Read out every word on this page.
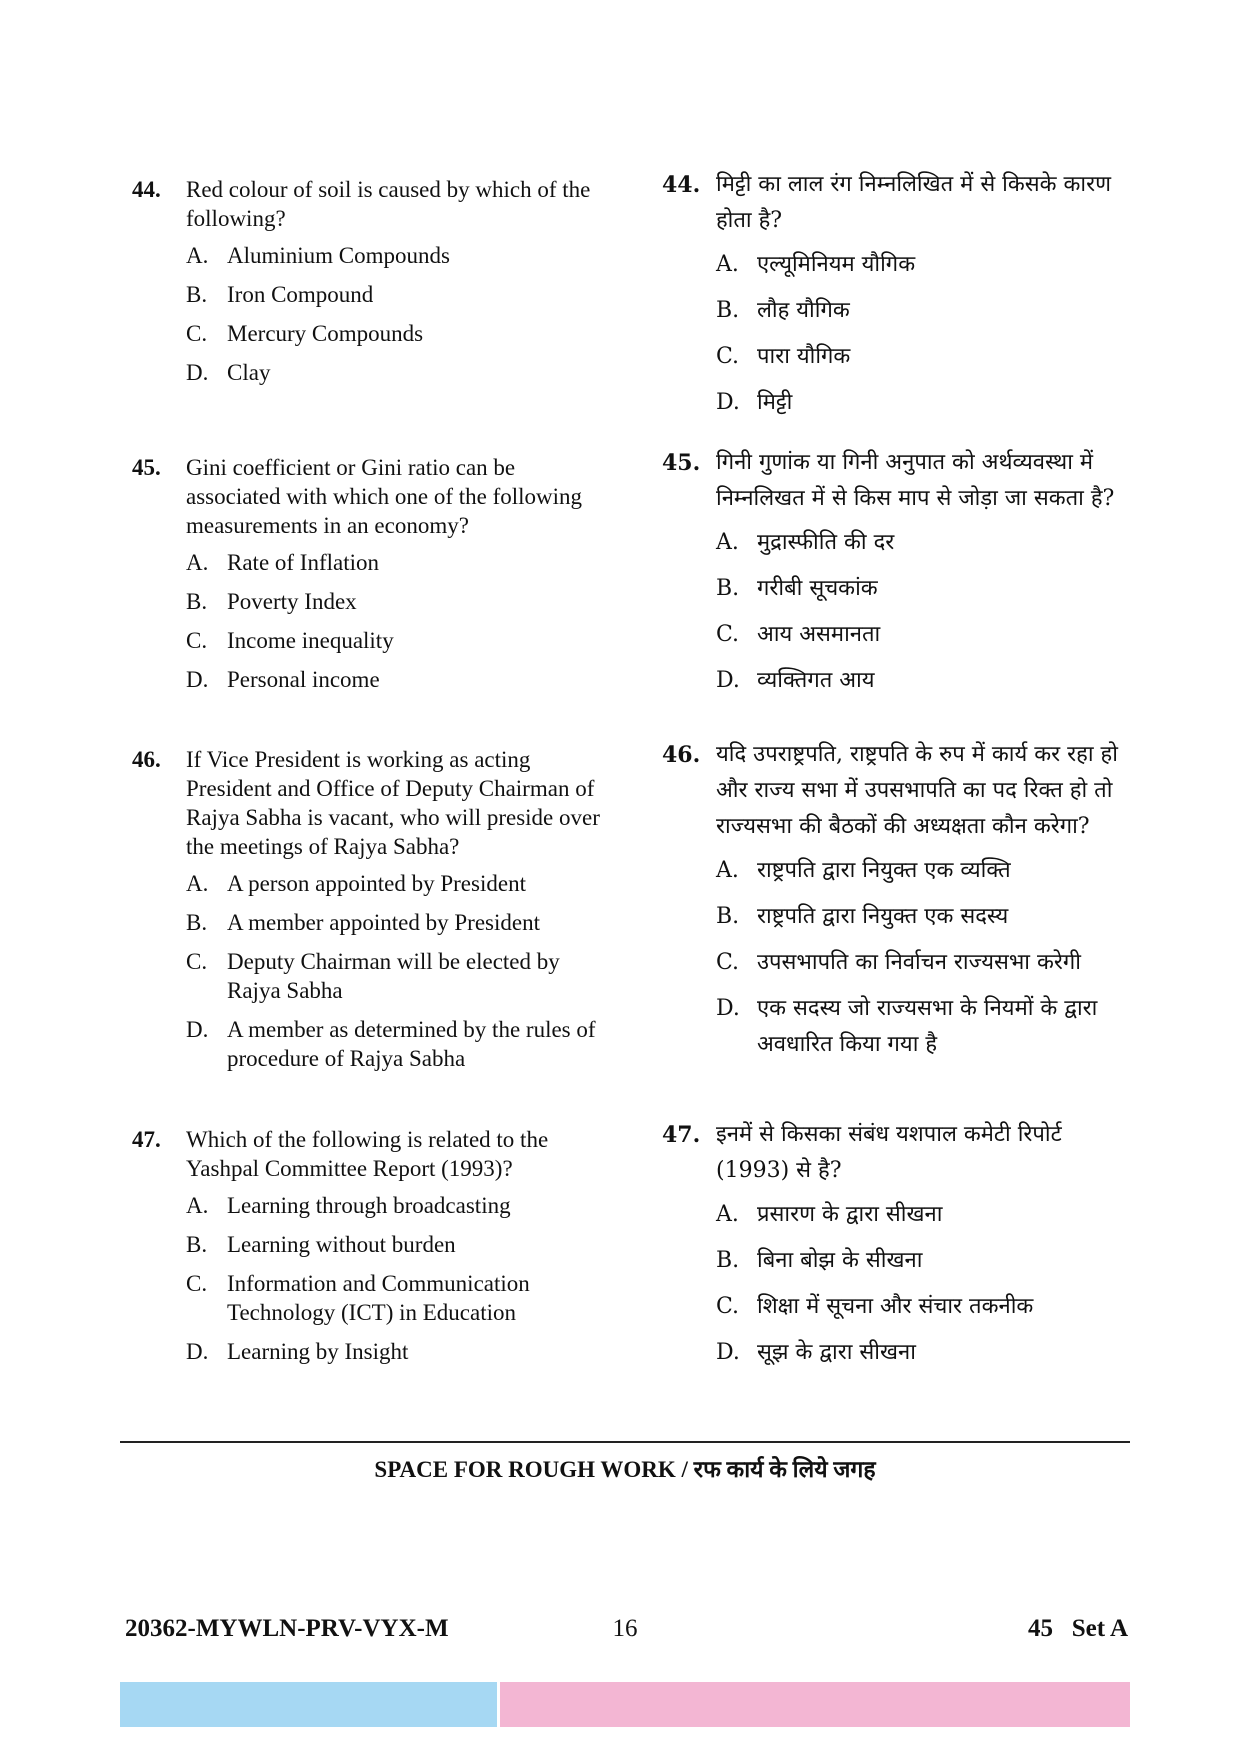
44. Red colour of soil is caused by which of the following?
A. Aluminium Compounds
B. Iron Compound
C. Mercury Compounds
D. Clay
45. Gini coefficient or Gini ratio can be associated with which one of the following measurements in an economy?
A. Rate of Inflation
B. Poverty Index
C. Income inequality
D. Personal income
46. If Vice President is working as acting President and Office of Deputy Chairman of Rajya Sabha is vacant, who will preside over the meetings of Rajya Sabha?
A. A person appointed by President
B. A member appointed by President
C. Deputy Chairman will be elected by Rajya Sabha
D. A member as determined by the rules of procedure of Rajya Sabha
47. Which of the following is related to the Yashpal Committee Report (1993)?
A. Learning through broadcasting
B. Learning without burden
C. Information and Communication Technology (ICT) in Education
D. Learning by Insight
44. मिट्टी का लाल रंग निम्नलिखित में से किसके कारण होता है?
A. एल्यूमिनियम यौगिक
B. लौह यौगिक
C. पारा यौगिक
D. मिट्टी
45. गिनी गुणांक या गिनी अनुपात को अर्थव्यवस्था में निम्नलिखत में से किस माप से जोड़ा जा सकता है?
A. मुद्रास्फीति की दर
B. गरीबी सूचकांक
C. आय असमानता
D. व्यक्तिगत आय
46. यदि उपराष्ट्रपति, राष्ट्रपति के रुप में कार्य कर रहा हो और राज्य सभा में उपसभापति का पद रिक्त हो तो राज्यसभा की बैठकों की अध्यक्षता कौन करेगा?
A. राष्ट्रपति द्वारा नियुक्त एक व्यक्ति
B. राष्ट्रपति द्वारा नियुक्त एक सदस्य
C. उपसभापति का निर्वाचन राज्यसभा करेगी
D. एक सदस्य जो राज्यसभा के नियमों के द्वारा अवधारित किया गया है
47. इनमें से किसका संबंध यशपाल कमेटी रिपोर्ट (1993) से है?
A. प्रसारण के द्वारा सीखना
B. बिना बोझ के सीखना
C. शिक्षा में सूचना और संचार तकनीक
D. सूझ के द्वारा सीखना
SPACE FOR ROUGH WORK / रफ कार्य के लिये जगह
20362-MYWLN-PRV-VYX-M	16	45   Set A
